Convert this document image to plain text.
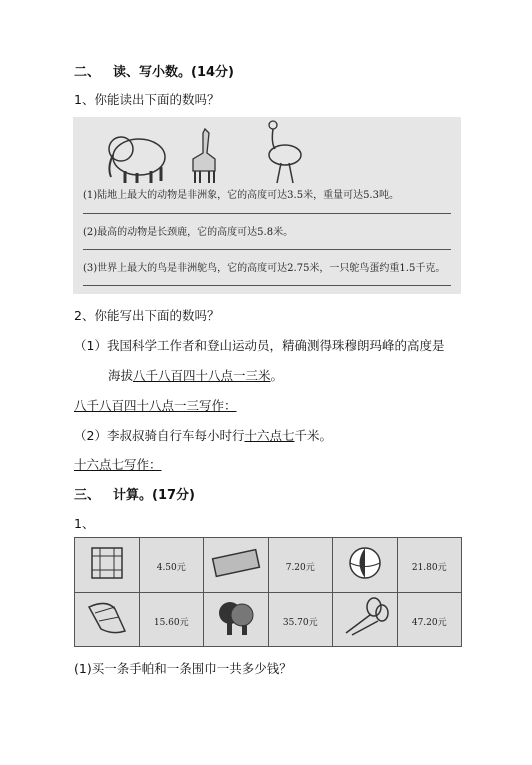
二、 读、写小数。(14分)
1、你能读出下面的数吗？
(1)陆地上最大的动物是非洲象，它的高度可达3.5米，重量可达5.3吨。
(2)最高的动物是长颈鹿，它的高度可达5.8米。
(3)世界上最大的鸟是非洲鸵鸟，它的高度可达2.75米，一只鸵鸟蛋约重1.5千克。
2、你能写出下面的数吗？
（1）我国科学工作者和登山运动员，精确测得珠穆朗玛峰的高度是
海拔八千八百四十八点一三米。
八千八百四十八点一三写作：
（2）李叔叔骑自行车每小时行十六点七千米。
十六点七写作：
三、 计算。(17分)
1、
	4.50元		7.20元		21.80元
	15.60元		35.70元		47.20元
(1)买一条手帕和一条围巾一共多少钱？
